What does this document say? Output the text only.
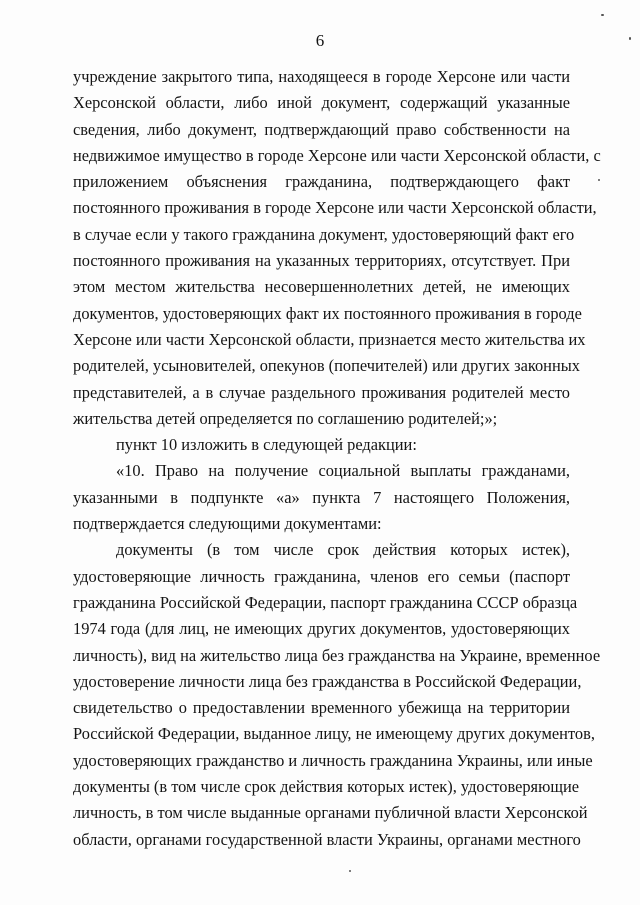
6
учреждение закрытого типа, находящееся в городе Херсоне или части
Херсонской области, либо иной документ, содержащий указанные
сведения, либо документ, подтверждающий право собственности на
недвижимое имущество в городе Херсоне или части Херсонской области, с
приложением объяснения гражданина, подтверждающего факт
постоянного проживания в городе Херсоне или части Херсонской области,
в случае если у такого гражданина документ, удостоверяющий факт его
постоянного проживания на указанных территориях, отсутствует. При
этом местом жительства несовершеннолетних детей, не имеющих
документов, удостоверяющих факт их постоянного проживания в городе
Херсоне или части Херсонской области, признается место жительства их
родителей, усыновителей, опекунов (попечителей) или других законных
представителей, а в случае раздельного проживания родителей место
жительства детей определяется по соглашению родителей;»;
пункт 10 изложить в следующей редакции:
«10. Право на получение социальной выплаты гражданами,
указанными в подпункте «а» пункта 7 настоящего Положения,
подтверждается следующими документами:
документы (в том числе срок действия которых истек),
удостоверяющие личность гражданина, членов его семьи (паспорт
гражданина Российской Федерации, паспорт гражданина СССР образца
1974 года (для лиц, не имеющих других документов, удостоверяющих
личность), вид на жительство лица без гражданства на Украине, временное
удостоверение личности лица без гражданства в Российской Федерации,
свидетельство о предоставлении временного убежища на территории
Российской Федерации, выданное лицу, не имеющему других документов,
удостоверяющих гражданство и личность гражданина Украины, или иные
документы (в том числе срок действия которых истек), удостоверяющие
личность, в том числе выданные органами публичной власти Херсонской
области, органами государственной власти Украины, органами местного
